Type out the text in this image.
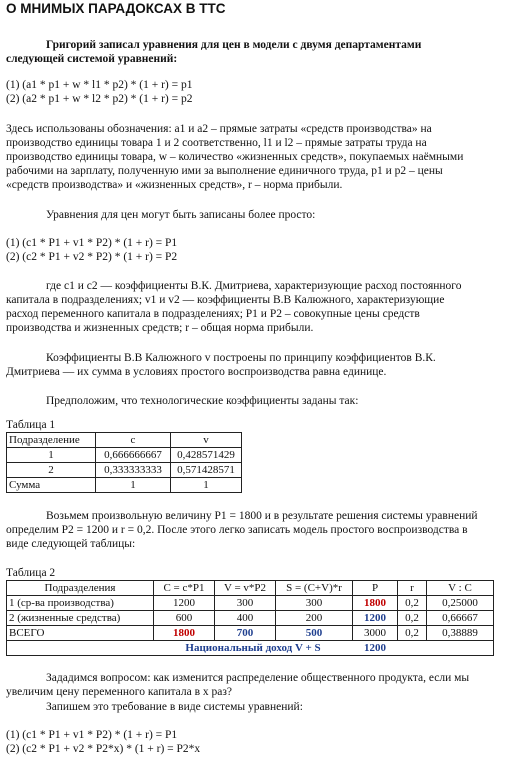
О МНИМЫХ ПАРАДОКСАХ В ТТС
Григорий записал уравнения для цен в модели с двумя департаментами
следующей системой уравнений:
(1) (a1 * p1 + w * l1 * p2) * (1 + r) = p1
(2) (a2 * p1 + w * l2 * p2) * (1 + r) = p2
Здесь использованы обозначения: a1 и a2 – прямые затраты «средств производства» на
производство единицы товара 1 и 2 соответственно, l1 и l2 – прямые затраты труда на
производство единицы товара, w – количество «жизненных средств», покупаемых наёмными
рабочими на зарплату, полученную ими за выполнение единичного труда, p1 и p2 – цены
«средств производства» и «жизненных средств», r – норма прибыли.
Уравнения для цен могут быть записаны более просто:
(1) (c1 * P1 + v1 * P2) * (1 + r) = P1
(2) (c2 * P1 + v2 * P2) * (1 + r) = P2
где c1 и c2 — коэффициенты В.К. Дмитриева, характеризующие расход постоянного
капитала в подразделениях; v1 и v2 — коэффициенты В.В Калюжного, характеризующие
расход переменного капитала в подразделениях; P1 и P2 – совокупные цены средств
производства и жизненных средств; r – общая норма прибыли.
Коэффициенты В.В Калюжного v построены по принципу коэффициентов В.К.
Дмитриева — их сумма в условиях простого воспроизводства равна единице.
Предположим, что технологические коэффициенты заданы так:
Таблица 1
Подразделение	c	v
1	0,666666667	0,428571429
2	0,333333333	0,571428571
Сумма	1	1
Возьмем произвольную величину P1 = 1800 и в результате решения системы уравнений
определим P2 = 1200 и r = 0,2. После этого легко записать модель простого воспроизводства в
виде следующей таблицы:
Таблица 2
Подразделения	C = c*P1	V = v*P2	S = (C+V)*r	P	r	V : C
1 (ср-ва производства)	1200	300	300	1800	0,2	0,25000
2 (жизненные средства)	600	400	200	1200	0,2	0,66667
ВСЕГО	1800	700	500	3000	0,2	0,38889
	Национальный доход V + S			1200		
Зададимся вопросом: как изменится распределение общественного продукта, если мы
увеличим цену переменного капитала в x раз?
Запишем это требование в виде системы уравнений:
(1) (c1 * P1 + v1 * P2) * (1 + r) = P1
(2) (c2 * P1 + v2 * P2*x) * (1 + r) = P2*x
